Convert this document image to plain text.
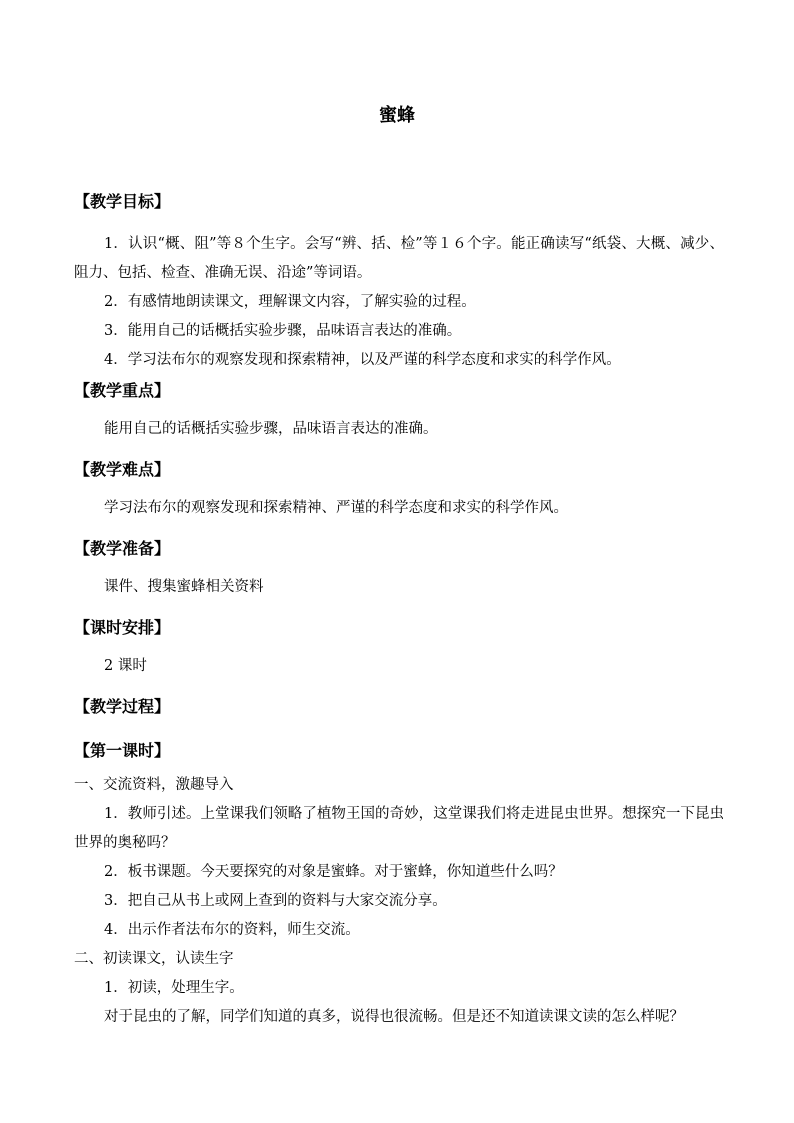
蜜蜂
【教学目标】

1．认识“概、阻”等８个生字。会写“辨、括、检”等１６个字。能正确读写“纸袋、大概、减少、阻力、包括、检查、准确无误、沿途”等词语。

2．有感情地朗读课文，理解课文内容，了解实验的过程。

3．能用自己的话概括实验步骤，品味语言表达的准确。

4．学习法布尔的观察发现和探索精神，以及严谨的科学态度和求实的科学作风。

【教学重点】

能用自己的话概括实验步骤，品味语言表达的准确。

【教学难点】

学习法布尔的观察发现和探索精神、严谨的科学态度和求实的科学作风。

【教学准备】

课件、搜集蜜蜂相关资料

【课时安排】

2 课时

【教学过程】
【第一课时】

一、交流资料，激趣导入

1．教师引述。上堂课我们领略了植物王国的奇妙，这堂课我们将走进昆虫世界。想探究一下昆虫世界的奥秘吗？

2．板书课题。今天要探究的对象是蜜蜂。对于蜜蜂，你知道些什么吗？

3．把自己从书上或网上查到的资料与大家交流分享。

4．出示作者法布尔的资料，师生交流。

二、初读课文，认读生字

1．初读，处理生字。

对于昆虫的了解，同学们知道的真多，说得也很流畅。但是还不知道读课文读的怎么样呢？
